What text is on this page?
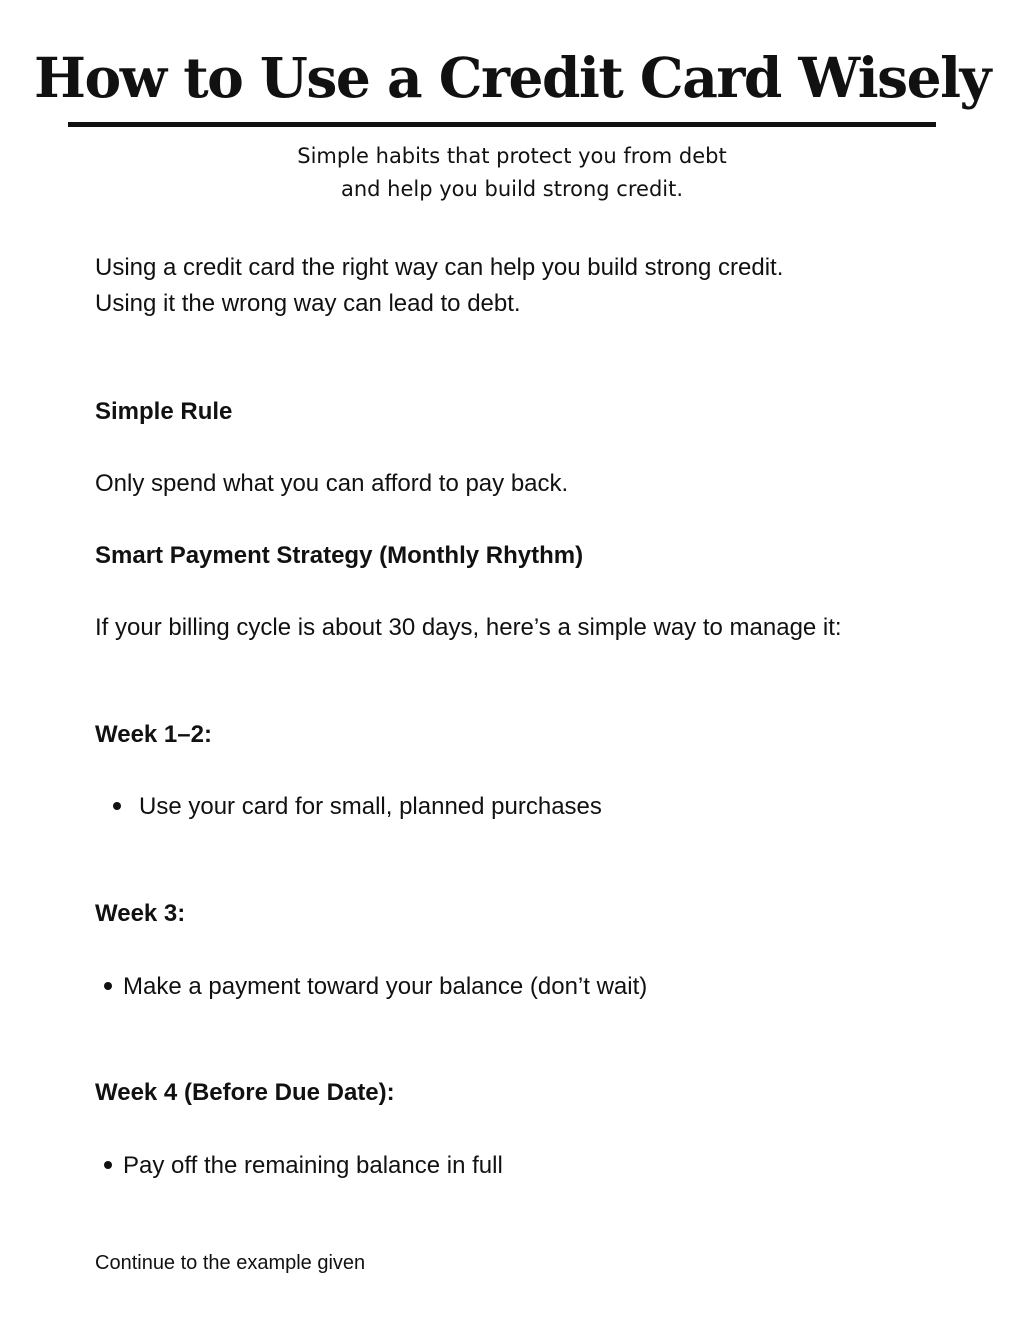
How to Use a Credit Card Wisely
Simple habits that protect you from debt
and help you build strong credit.
Using a credit card the right way can help you build strong credit.
Using it the wrong way can lead to debt.
Simple Rule
Only spend what you can afford to pay back.
Smart Payment Strategy (Monthly Rhythm)
If your billing cycle is about 30 days, here’s a simple way to manage it:
Week 1–2:
Use your card for small, planned purchases
Week 3:
Make a payment toward your balance (don’t wait)
Week 4 (Before Due Date):
Pay off the remaining balance in full
Continue to the example given
